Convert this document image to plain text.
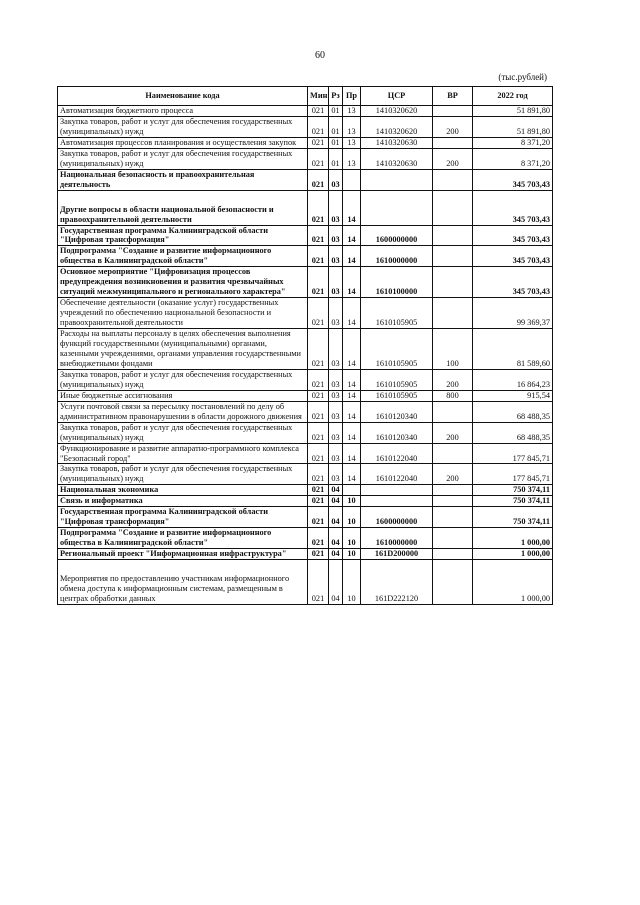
60
(тыс.рублей)
Наименование кода	Мин	Рз	Пр	ЦСР	ВР	2022 год
Автоматизация бюджетного процесса	021	01	13	1410320620		51 891,80
Закупка товаров, работ и услуг для обеспечения государственных (муниципальных) нужд	021	01	13	1410320620	200	51 891,80
Автоматизация процессов планирования и осуществления закупок	021	01	13	1410320630		8 371,20
Закупка товаров, работ и услуг для обеспечения государственных (муниципальных) нужд	021	01	13	1410320630	200	8 371,20
Национальная безопасность и правоохранительная деятельность	021	03				345 703,43
Другие вопросы в области национальной безопасности и правоохранительной деятельности	021	03	14			345 703,43
Государственная программа Калининградской области "Цифровая трансформация"	021	03	14	1600000000		345 703,43
Подпрограмма "Создание и развитие информационного общества в Калининградской области"	021	03	14	1610000000		345 703,43
Основное мероприятие "Цифровизация процессов предупреждения возникновения и развития чрезвычайных ситуаций межмуниципального и регионального характера"	021	03	14	1610100000		345 703,43
Обеспечение деятельности (оказание услуг) государственных учреждений по обеспечению национальной безопасности и правоохранительной деятельности	021	03	14	1610105905		99 369,37
Расходы на выплаты персоналу в целях обеспечения выполнения функций государственными (муниципальными) органами, казенными учреждениями, органами управления государственными внебюджетными фондами	021	03	14	1610105905	100	81 589,60
Закупка товаров, работ и услуг для обеспечения государственных (муниципальных) нужд	021	03	14	1610105905	200	16 864,23
Иные бюджетные ассигнования	021	03	14	1610105905	800	915,54
Услуги почтовой связи за пересылку постановлений по делу об административном правонарушении в области дорожного движения	021	03	14	1610120340		68 488,35
Закупка товаров, работ и услуг для обеспечения государственных (муниципальных) нужд	021	03	14	1610120340	200	68 488,35
Функционирование и развитие аппаратно-программного комплекса "Безопасный город"	021	03	14	1610122040		177 845,71
Закупка товаров, работ и услуг для обеспечения государственных (муниципальных) нужд	021	03	14	1610122040	200	177 845,71
Национальная экономика	021	04				750 374,11
Связь и информатика	021	04	10			750 374,11
Государственная программа Калининградской области "Цифровая трансформация"	021	04	10	1600000000		750 374,11
Подпрограмма "Создание и развитие информационного общества в Калининградской области"	021	04	10	1610000000		1 000,00
Региональный проект "Информационная инфраструктура"	021	04	10	161D200000		1 000,00
Мероприятия по предоставлению участникам информационного обмена доступа к информационным системам, размещенным в центрах обработки данных	021	04	10	161D222120		1 000,00
